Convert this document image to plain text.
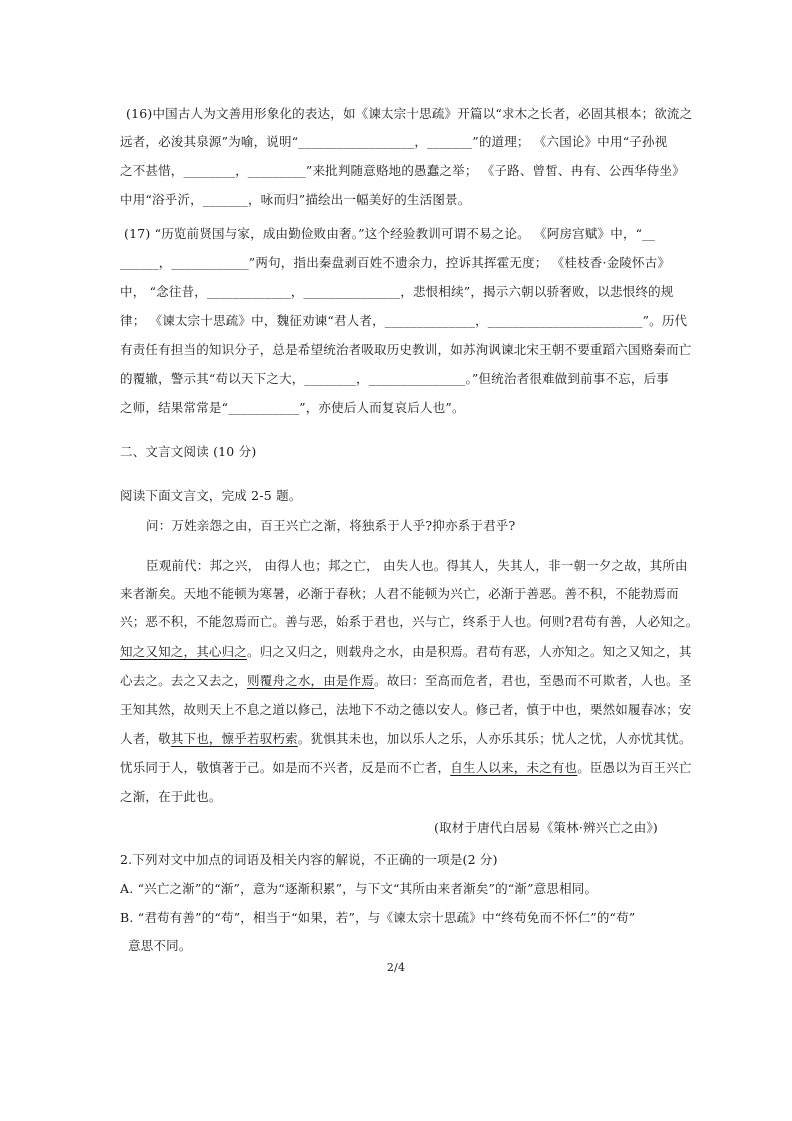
(16)中国古人为文善用形象化的表达，如《谏太宗十思疏》开篇以“求木之长者，必固其根本；欲流之
远者，必浚其泉源”为喻，说明“__________________，_______”的道理； 《六国论》中用“子孙视
之不甚惜，________，_________”来批判随意赂地的愚蠢之举； 《子路、曾皙、冉有、公西华侍坐》
中用“浴乎沂，_______，咏而归”描绘出一幅美好的生活图景。
(17) “历览前贤国与家，成由勤俭败由奢。”这个经验教训可谓不易之论。 《阿房宫赋》中，“__
______，____________”两句，指出秦盘剥百姓不遗余力，控诉其挥霍无度； 《桂枝香·金陵怀古》
中， “念往昔，_____________，_______________，悲恨相续”，揭示六朝以骄奢败，以悲恨终的规
律； 《谏太宗十思疏》中，魏征劝谏“君人者，______________，________________________”。历代
有责任有担当的知识分子，总是希望统治者吸取历史教训，如苏洵讽谏北宋王朝不要重蹈六国赂秦而亡
的覆辙，警示其“苟以天下之大，________，_______________。”但统治者很难做到前事不忘，后事
之师，结果常常是“___________”，亦使后人而复哀后人也”。
二、文言文阅读 (10 分)
阅读下面文言文，完成 2-5 题。
问：万姓亲怨之由，百王兴亡之渐，将独系于人乎?抑亦系于君乎?
臣观前代：邦之兴， 由得人也；邦之亡， 由失人也。得其人，失其人，非一朝一夕之故，其所由
来者渐矣。天地不能顿为寒暑，必渐于春秋；人君不能顿为兴亡，必渐于善恶。善不积，不能勃焉而
兴；恶不积，不能忽焉而亡。善与恶，始系于君也，兴与亡，终系于人也。何则?君苟有善，人必知之。
知之又知之，其心归之。归之又归之，则载舟之水，由是积焉。君苟有恶，人亦知之。知之又知之，其
心去之。去之又去之，则覆舟之水，由是作焉。故曰：至高而危者，君也，至愚而不可欺者，人也。圣
王知其然，故则天上不息之道以修己，法地下不动之德以安人。修己者，慎于中也，栗然如履春冰；安
人者，敬其下也，懔乎若驭朽索。犹惧其未也，加以乐人之乐，人亦乐其乐；忧人之忧，人亦忧其忧。
忧乐同于人，敬慎著于己。如是而不兴者，反是而不亡者，自生人以来，未之有也。臣愚以为百王兴亡
之渐，在于此也。
(取材于唐代白居易《策林·辨兴亡之由》)
2.下列对文中加点的词语及相关内容的解说，不正确的一项是(2 分)
A. “兴亡之渐”的“渐”，意为“逐渐积累”，与下文“其所由来者渐矣”的“渐”意思相同。
B. “君苟有善”的“苟”，相当于“如果，若”，与《谏太宗十思疏》中“终苟免而不怀仁”的“苟”
意思不同。
2/4
